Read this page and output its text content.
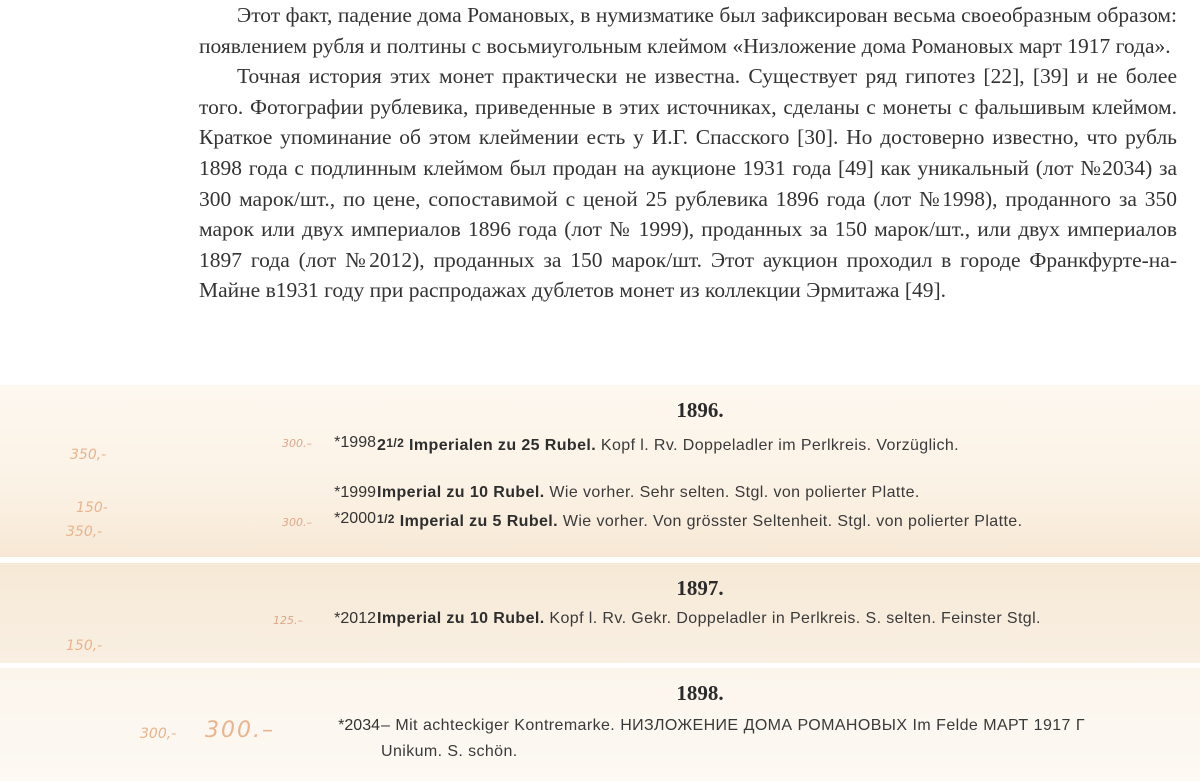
Этот факт, падение дома Романовых, в нумизматике был зафиксирован весьма своеобразным образом: появлением рубля и полтины с восьмиугольным клеймом «Низложение дома Романовых март 1917 года».

Точная история этих монет практически не известна. Существует ряд гипотез [22], [39] и не более того. Фотографии рублевика, приведенные в этих источниках, сделаны с монеты с фальшивым клеймом. Краткое упоминание об этом клеймении есть у И.Г. Спасского [30]. Но достоверно известно, что рубль 1898 года с подлинным клеймом был продан на аукционе 1931 года [49] как уникальный (лот №2034) за 300 марок/шт., по цене, сопоставимой с ценой 25 рублевика 1896 года (лот №1998), проданного за 350 марок или двух империалов 1896 года (лот № 1999), проданных за 150 марок/шт., или двух империалов 1897 года (лот №2012), проданных за 150 марок/шт. Этот аукцион проходил в городе Франкфурте-на-Майне в1931 году при распродажах дублетов монет из коллекции Эрмитажа [49].

1896.
350,-
300.– *1998 21/2 Imperialen zu 25 Rubel. Kopf l. Rv. Doppeladler im Perlkreis. Vorzüglich.
150-
*1999 Imperial zu 10 Rubel. Wie vorher. Sehr selten. Stgl. von polierter Platte.
350,-
300.– *2000 1/2 Imperial zu 5 Rubel. Wie vorher. Von grösster Seltenheit. Stgl. von polierter Platte.
1897.
125.–
150,-
*2012 Imperial zu 10 Rubel. Kopf l. Rv. Gekr. Doppeladler in Perlkreis. S. selten. Feinster Stgl.
1898.
300,- 300.–	*2034 – Mit achteckiger Kontremarke. НИЗЛОЖЕНИЕ ДОМА РОМАНОВЫХ Im Felde МАРТ 1917 Г Unikum. S. schön.
